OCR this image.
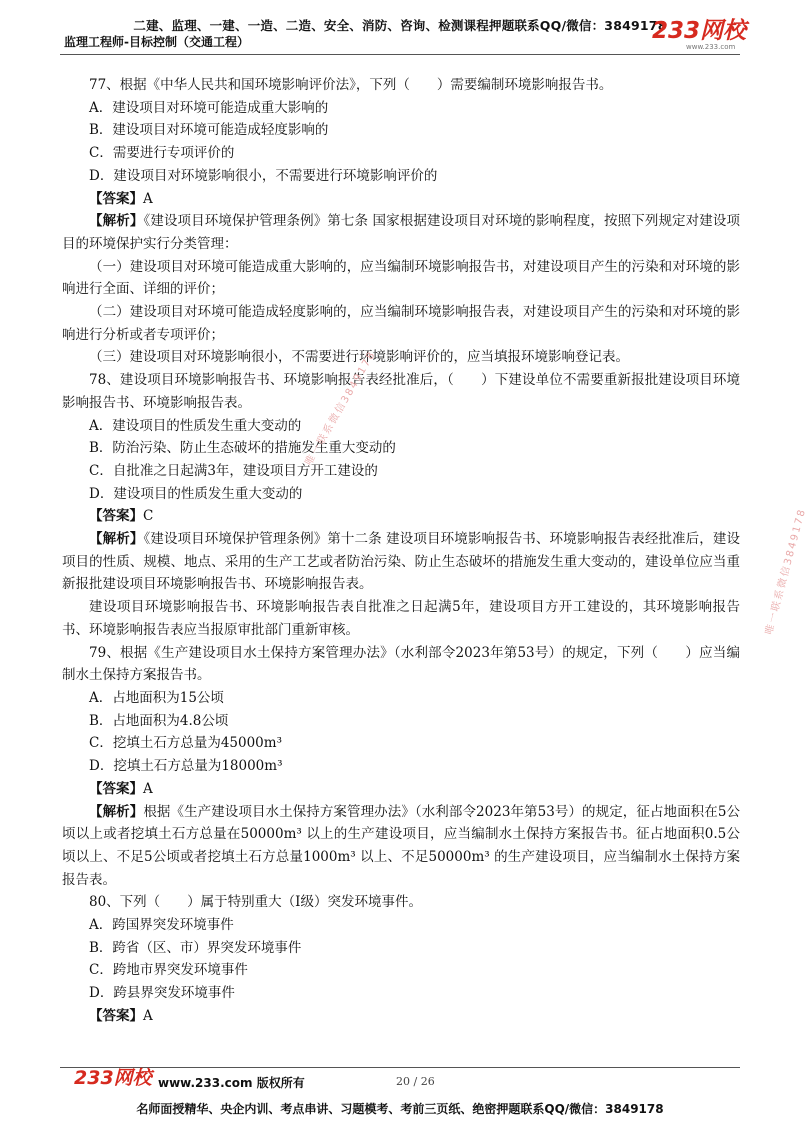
二建、监理、一建、一造、二造、安全、消防、咨询、检测课程押题联系QQ/微信：3849178
监理工程师-目标控制（交通工程）	233网校
www.233.com
77、根据《中华人民共和国环境影响评价法》，下列（　　）需要编制环境影响报告书。
A．建设项目对环境可能造成重大影响的
B．建设项目对环境可能造成轻度影响的
C．需要进行专项评价的
D．建设项目对环境影响很小，不需要进行环境影响评价的
【答案】A
【解析】《建设项目环境保护管理条例》第七条 国家根据建设项目对环境的影响程度，按照下列规定对建设项目的环境保护实行分类管理：
（一）建设项目对环境可能造成重大影响的，应当编制环境影响报告书，对建设项目产生的污染和对环境的影响进行全面、详细的评价；
（二）建设项目对环境可能造成轻度影响的，应当编制环境影响报告表，对建设项目产生的污染和对环境的影响进行分析或者专项评价；
（三）建设项目对环境影响很小，不需要进行环境影响评价的，应当填报环境影响登记表。
78、建设项目环境影响报告书、环境影响报告表经批准后，（　　）下建设单位不需要重新报批建设项目环境影响报告书、环境影响报告表。
A．建设项目的性质发生重大变动的
B．防治污染、防止生态破坏的措施发生重大变动的
C．自批准之日起满3年，建设项目方开工建设的
D．建设项目的性质发生重大变动的
【答案】C
【解析】《建设项目环境保护管理条例》第十二条 建设项目环境影响报告书、环境影响报告表经批准后，建设项目的性质、规模、地点、采用的生产工艺或者防治污染、防止生态破坏的措施发生重大变动的，建设单位应当重新报批建设项目环境影响报告书、环境影响报告表。
建设项目环境影响报告书、环境影响报告表自批准之日起满5年，建设项目方开工建设的，其环境影响报告书、环境影响报告表应当报原审批部门重新审核。
79、根据《生产建设项目水土保持方案管理办法》（水利部令2023年第53号）的规定，下列（　　）应当编制水土保持方案报告书。
A．占地面积为15公顷
B．占地面积为4.8公顷
C．挖填土石方总量为45000m³
D．挖填土石方总量为18000m³
【答案】A
【解析】根据《生产建设项目水土保持方案管理办法》（水利部令2023年第53号）的规定，征占地面积在5公顷以上或者挖填土石方总量在50000m³ 以上的生产建设项目，应当编制水土保持方案报告书。征占地面积0.5公顷以上、不足5公顷或者挖填土石方总量1000m³ 以上、不足50000m³ 的生产建设项目，应当编制水土保持方案报告表。
80、下列（　　）属于特别重大（I级）突发环境事件。
A．跨国界突发环境事件
B．跨省（区、市）界突发环境事件
C．跨地市界突发环境事件
D．跨县界突发环境事件
【答案】A
唯一联系微信3849178
唯一联系微信3849178
233网校 www.233.com 版权所有	20 / 26
名师面授精华、央企内训、考点串讲、习题模考、考前三页纸、绝密押题联系QQ/微信：3849178
